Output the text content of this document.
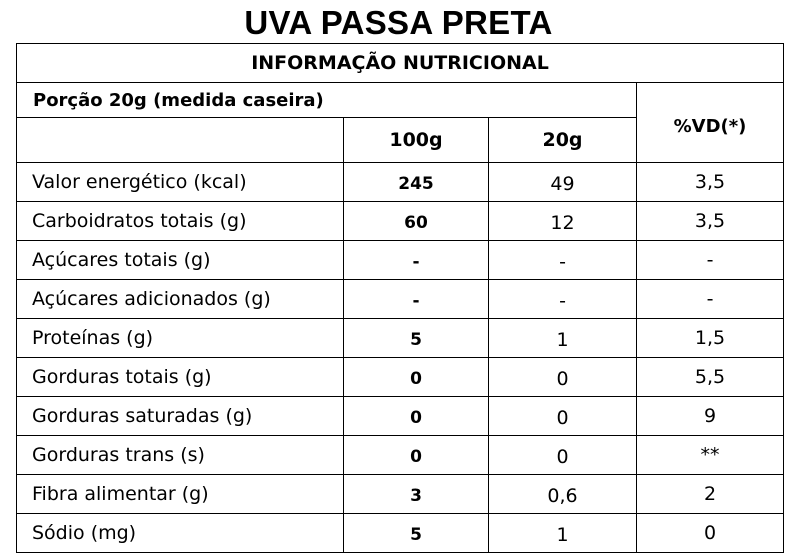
UVA PASSA PRETA
INFORMAÇÃO NUTRICIONAL			
Porção 20g (medida caseira)			%VD(*)
	100g	20g	
Valor energético (kcal)	245	49	3,5
Carboidratos totais (g)	60	12	3,5
Açúcares totais (g)	-	-	-
Açúcares adicionados (g)	-	-	-
Proteínas (g)	5	1	1,5
Gorduras totais (g)	0	0	5,5
Gorduras saturadas (g)	0	0	9
Gorduras trans (s)	0	0	**
Fibra alimentar (g)	3	0,6	2
Sódio (mg)	5	1	0
